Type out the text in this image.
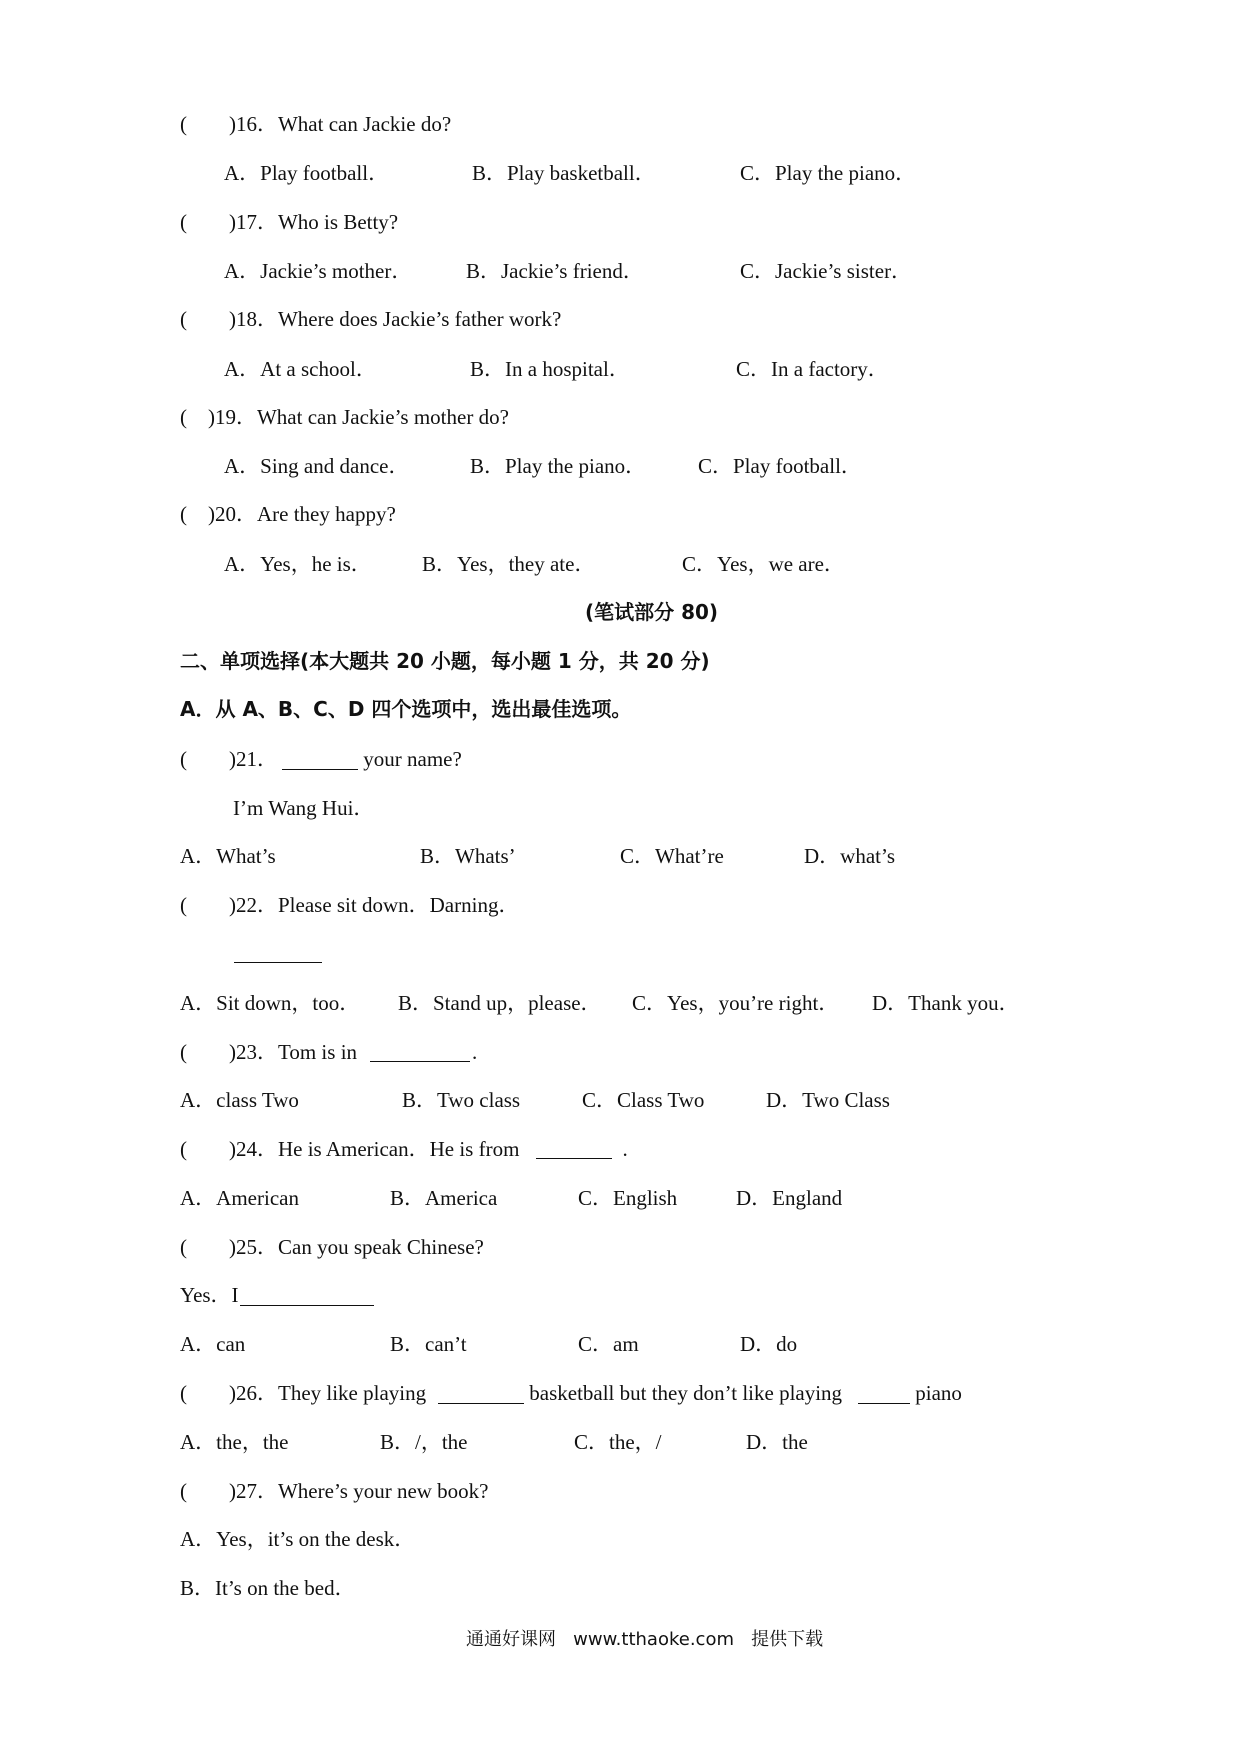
(        )16．What can Jackie do?
A．Play football．	B．Play basketball．	C．Play the piano．
(        )17．Who is Betty?
A．Jackie’s mother．	B．Jackie’s friend．	C．Jackie’s sister．
(        )18．Where does Jackie’s father work?
A．At a school．	B．In a hospital．	C．In a factory．
(    )19．What can Jackie’s mother do?
A．Sing and dance．	B．Play the piano． C．Play football．
(    )20．Are they happy?
A．Yes，he is． B．Yes，they ate．	C．Yes，we are．
(笔试部分 80)
二、单项选择(本大题共 20 小题，每小题 1 分，共 20 分)
A．从 A、B、C、D 四个选项中，选出最佳选项。
(        )21．	your name?
I’m Wang Hui．
A．What’s	B．Whats’	C．What’re	D．what’s
(        )22．Please sit down．Darning．
A．Sit down，too． B．Stand up，please． C．Yes，you’re right． D．Thank you．
(        )23．Tom is in	.
A．class Two	B．Two class	C．Class Two	D．Two Class
(        )24．He is American．He is from	.
A．American	B．America	C．English	D．England
(        )25．Can you speak Chinese?
Yes．I
A．can	B．can’t	C．am	D．do
(        )26．They like playing	basketball but they don’t like playing	piano
A．the，the	B．/，the	C．the，/	D．the
(        )27．Where’s your new book?
A．Yes，it’s on the desk．
B．It’s on the bed．
通通好课网   www.tthaoke.com   提供下载
